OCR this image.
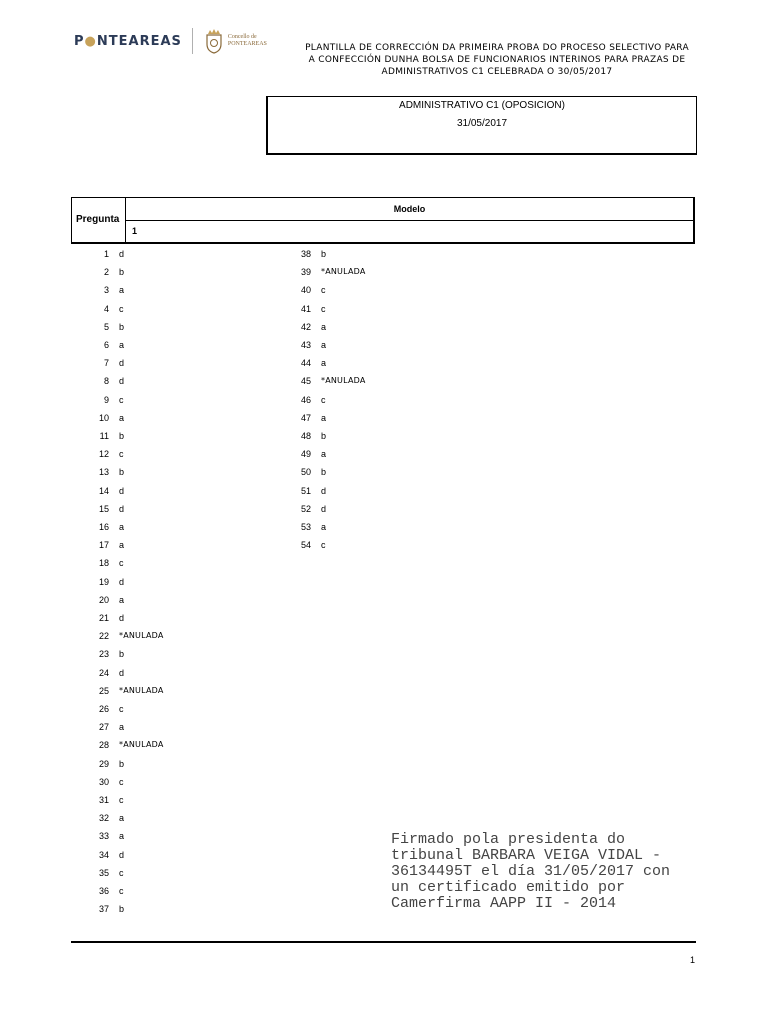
P●NTEAREAS	Concello de
PONTEAREAS	PLANTILLA DE CORRECCIÓN DA PRIMEIRA PROBA DO PROCESO SELECTIVO PARA
A CONFECCIÓN DUNHA BOLSA DE FUNCIONARIOS INTERINOS PARA PRAZAS DE
ADMINISTRATIVOS C1 CELEBRADA O 30/05/2017
ADMINISTRATIVO C1 (OPOSICION)
31/05/2017
Pregunta
Modelo
1
1 d
2 b
3 a
4 c
5 b
6 a
7 d
8 d
9 c
10 a
11 b
12 c
13 b
14 d
15 d
16 a
17 a
18 c
19 d
20 a
21 d
22 *ANULADA
23 b
24 d
25 *ANULADA
26 c
27 a
28 *ANULADA
29 b
30 c
31 c
32 a
33 a
34 d
35 c
36 c
37 b
38 b
39 *ANULADA
40 c
41 c
42 a
43 a
44 a
45 *ANULADA
46 c
47 a
48 b
49 a
50 b
51 d
52 d
53 a
54 c
Firmado pola presidenta do
tribunal BARBARA VEIGA VIDAL -
36134495T el día 31/05/2017 con
un certificado emitido por
Camerfirma AAPP II - 2014
1
